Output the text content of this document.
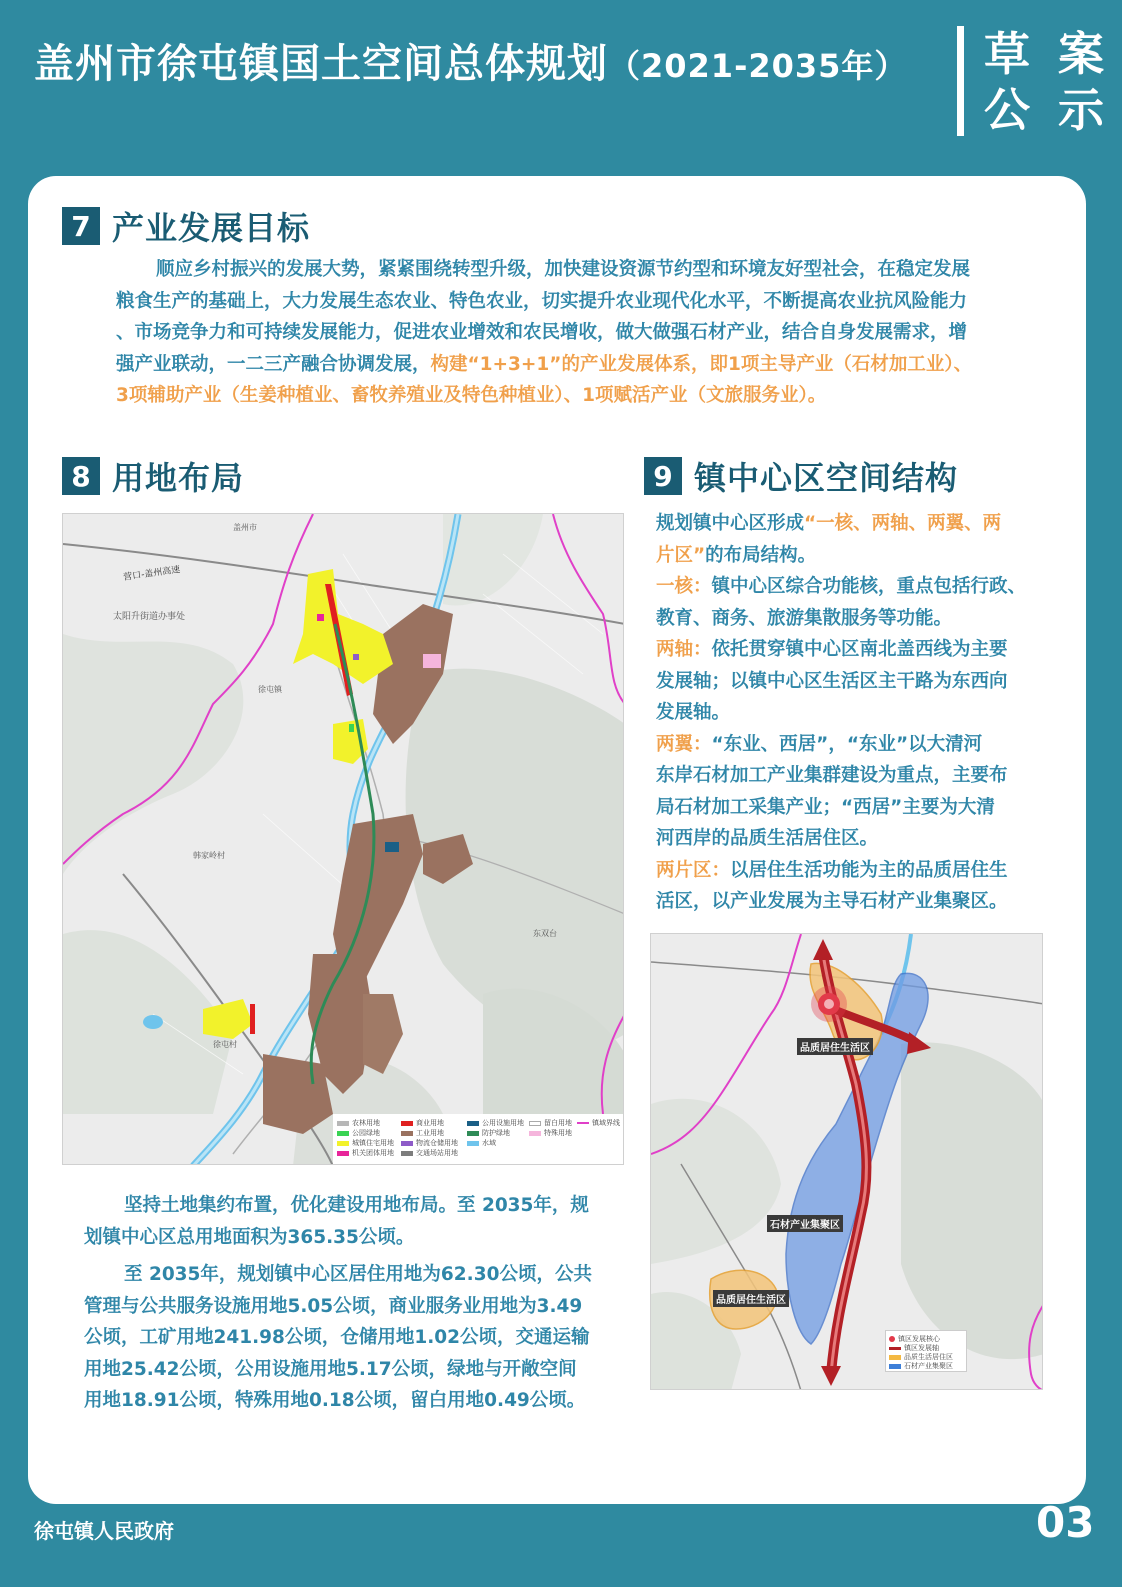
盖州市徐屯镇国土空间总体规划（2021-2035年） 草 案
公 示
7 产业发展目标
顺应乡村振兴的发展大势，紧紧围绕转型升级，加快建设资源节约型和环境友好型社会，在稳定发展
粮食生产的基础上，大力发展生态农业、特色农业，切实提升农业现代化水平，不断提高农业抗风险能力
、市场竞争力和可持续发展能力，促进农业增效和农民增收，做大做强石材产业，结合自身发展需求，增
强产业联动，一二三产融合协调发展，构建“1+3+1”的产业发展体系，即1项主导产业（石材加工业）、
3项辅助产业（生姜种植业、畜牧养殖业及特色种植业）、1项赋活产业（文旅服务业）。
8 用地布局
营口-盖州高速
太阳升街道办事处
盖州市
徐屯镇
韩家岭村
徐屯村
东双台
农林用地
公园绿地
城镇住宅用地
机关团体用地
商业用地
工业用地
物流仓储用地
交通场站用地
公用设施用地
防护绿地
水域
留白用地
特殊用地
镇域界线
坚持土地集约布置，优化建设用地布局。至 2035年，规
划镇中心区总用地面积为365.35公顷。
至 2035年，规划镇中心区居住用地为62.30公顷，公共
管理与公共服务设施用地5.05公顷，商业服务业用地为3.49
公顷，工矿用地241.98公顷，仓储用地1.02公顷，交通运输
用地25.42公顷，公用设施用地5.17公顷，绿地与开敞空间
用地18.91公顷，特殊用地0.18公顷，留白用地0.49公顷。
9 镇中心区空间结构
规划镇中心区形成“一核、两轴、两翼、两
片区”的布局结构。
一核：镇中心区综合功能核，重点包括行政、
教育、商务、旅游集散服务等功能。
两轴：依托贯穿镇中心区南北盖西线为主要
发展轴；以镇中心区生活区主干路为东西向
发展轴。
两翼：“东业、西居”，“东业”以大清河
东岸石材加工产业集群建设为重点，主要布
局石材加工采集产业；“西居”主要为大清
河西岸的品质生活居住区。
两片区：以居住生活功能为主的品质居住生
活区，以产业发展为主导石材产业集聚区。
品质居住生活区
石材产业集聚区
品质居住生活区
镇区发展核心
镇区发展轴
品质生活居住区
石材产业集聚区
徐屯镇人民政府	03
